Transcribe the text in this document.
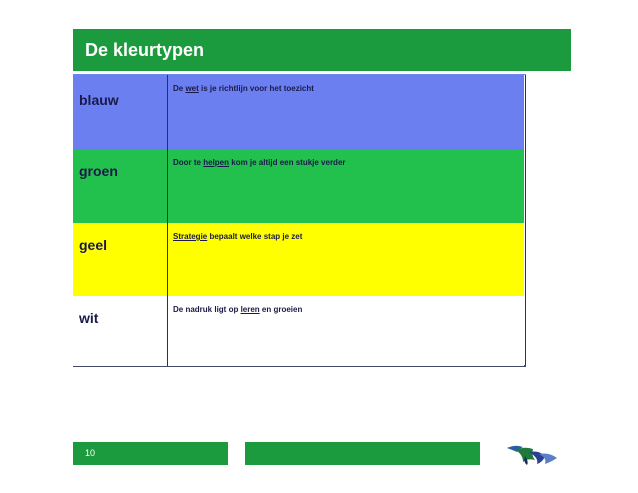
De kleurtypen
blauw
De wet is je richtlijn voor het toezicht
groen
Door te helpen kom je altijd een stukje verder
geel
Strategie bepaalt welke stap je zet
wit
De nadruk ligt op leren en groeien
10
